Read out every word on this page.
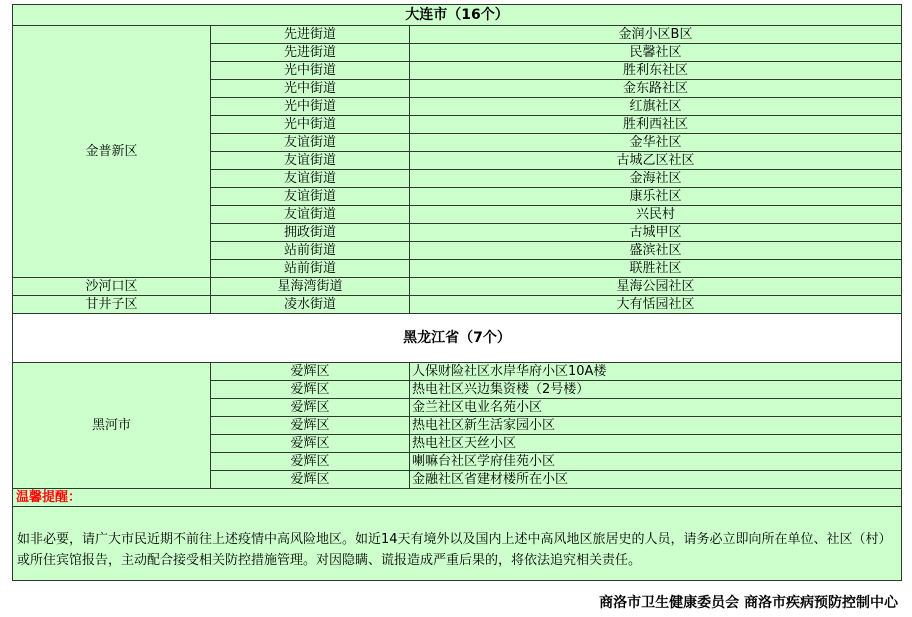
大连市（16个）		
金普新区	先进街道	金润小区B区
	先进街道	民馨社区
	光中街道	胜利东社区
	光中街道	金东路社区
	光中街道	红旗社区
	光中街道	胜利西社区
	友谊街道	金华社区
	友谊街道	古城乙区社区
	友谊街道	金海社区
	友谊街道	康乐社区
	友谊街道	兴民村
	拥政街道	古城甲区
	站前街道	盛滨社区
	站前街道	联胜社区
沙河口区	星海湾街道	星海公园社区
甘井子区	凌水街道	大有恬园社区
黑龙江省（7个）		
黑河市	爱辉区	人保财险社区水岸华府小区10A楼
	爱辉区	热电社区兴边集资楼（2号楼）
	爱辉区	金兰社区电业名苑小区
	爱辉区	热电社区新生活家园小区
	爱辉区	热电社区天丝小区
	爱辉区	喇嘛台社区学府佳苑小区
	爱辉区	金融社区省建材楼所在小区
温馨提醒：		
如非必要，请广大市民近期不前往上述疫情中高风险地区。如近14天有境外以及国内上述中高风地区旅居史的人员，请务必立即向所在单位、社区（村）或所住宾馆报告，主动配合接受相关防控措施管理。对因隐瞒、谎报造成严重后果的，将依法追究相关责任。		
商洛市卫生健康委员会 商洛市疾病预防控制中心
